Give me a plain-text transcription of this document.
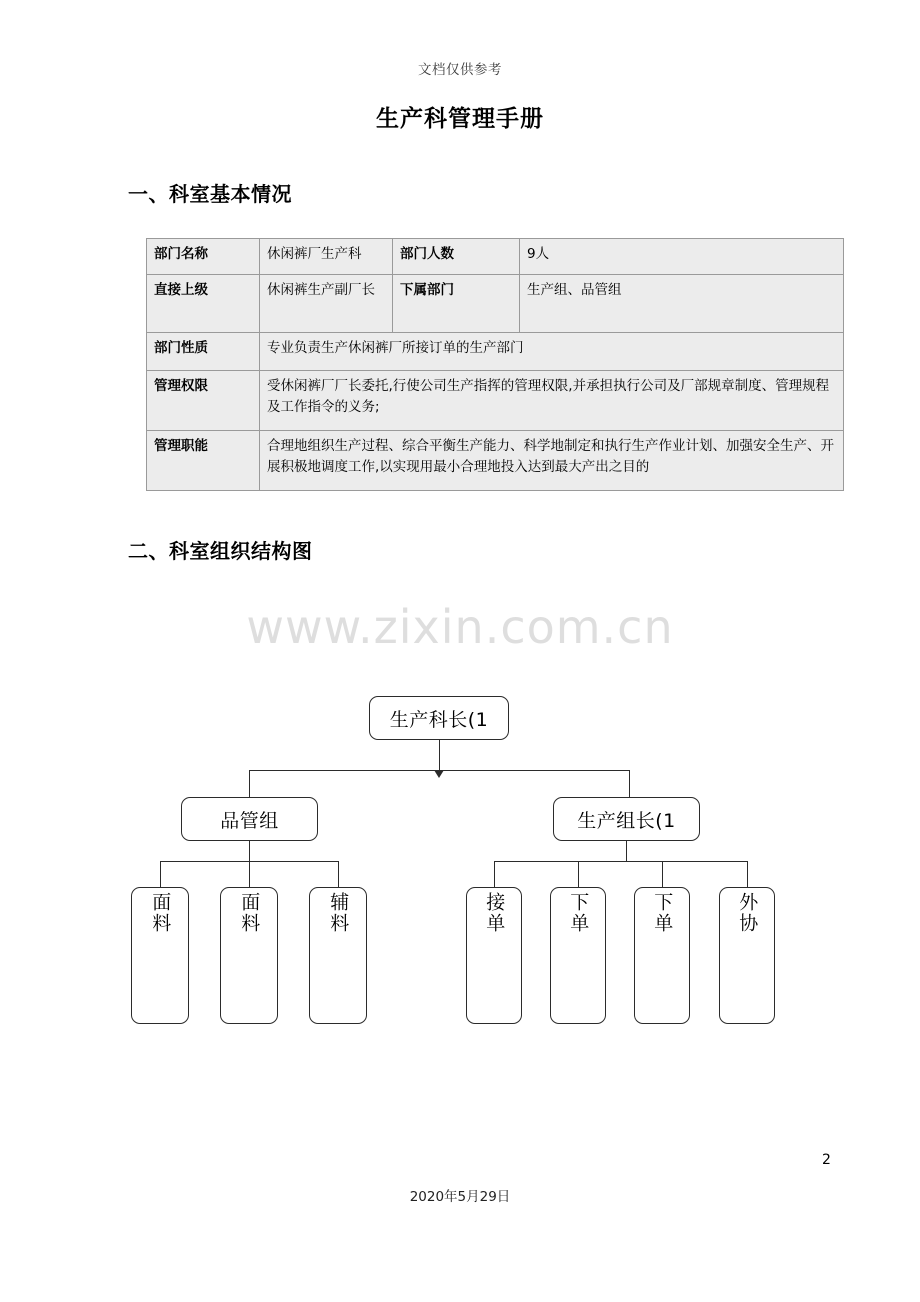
文档仅供参考
生产科管理手册
一、科室基本情况
部门名称	休闲裤厂生产科	部门人数	9人
直接上级	休闲裤生产副厂长	下属部门	生产组、品管组
部门性质	专业负责生产休闲裤厂所接订单的生产部门		
管理权限	受休闲裤厂厂长委托,行使公司生产指挥的管理权限,并承担执行公司及厂部规章制度、管理规程及工作指令的义务;		
管理职能	合理地组织生产过程、综合平衡生产能力、科学地制定和执行生产作业计划、加强安全生产、开展积极地调度工作,以实现用最小合理地投入达到最大产出之目的		
二、科室组织结构图
www.zixin.com.cn
生产科长(1
品管组	生产组长(1
面料	面料	辅料	接单	下单	下单	外协
2
2020年5月29日
